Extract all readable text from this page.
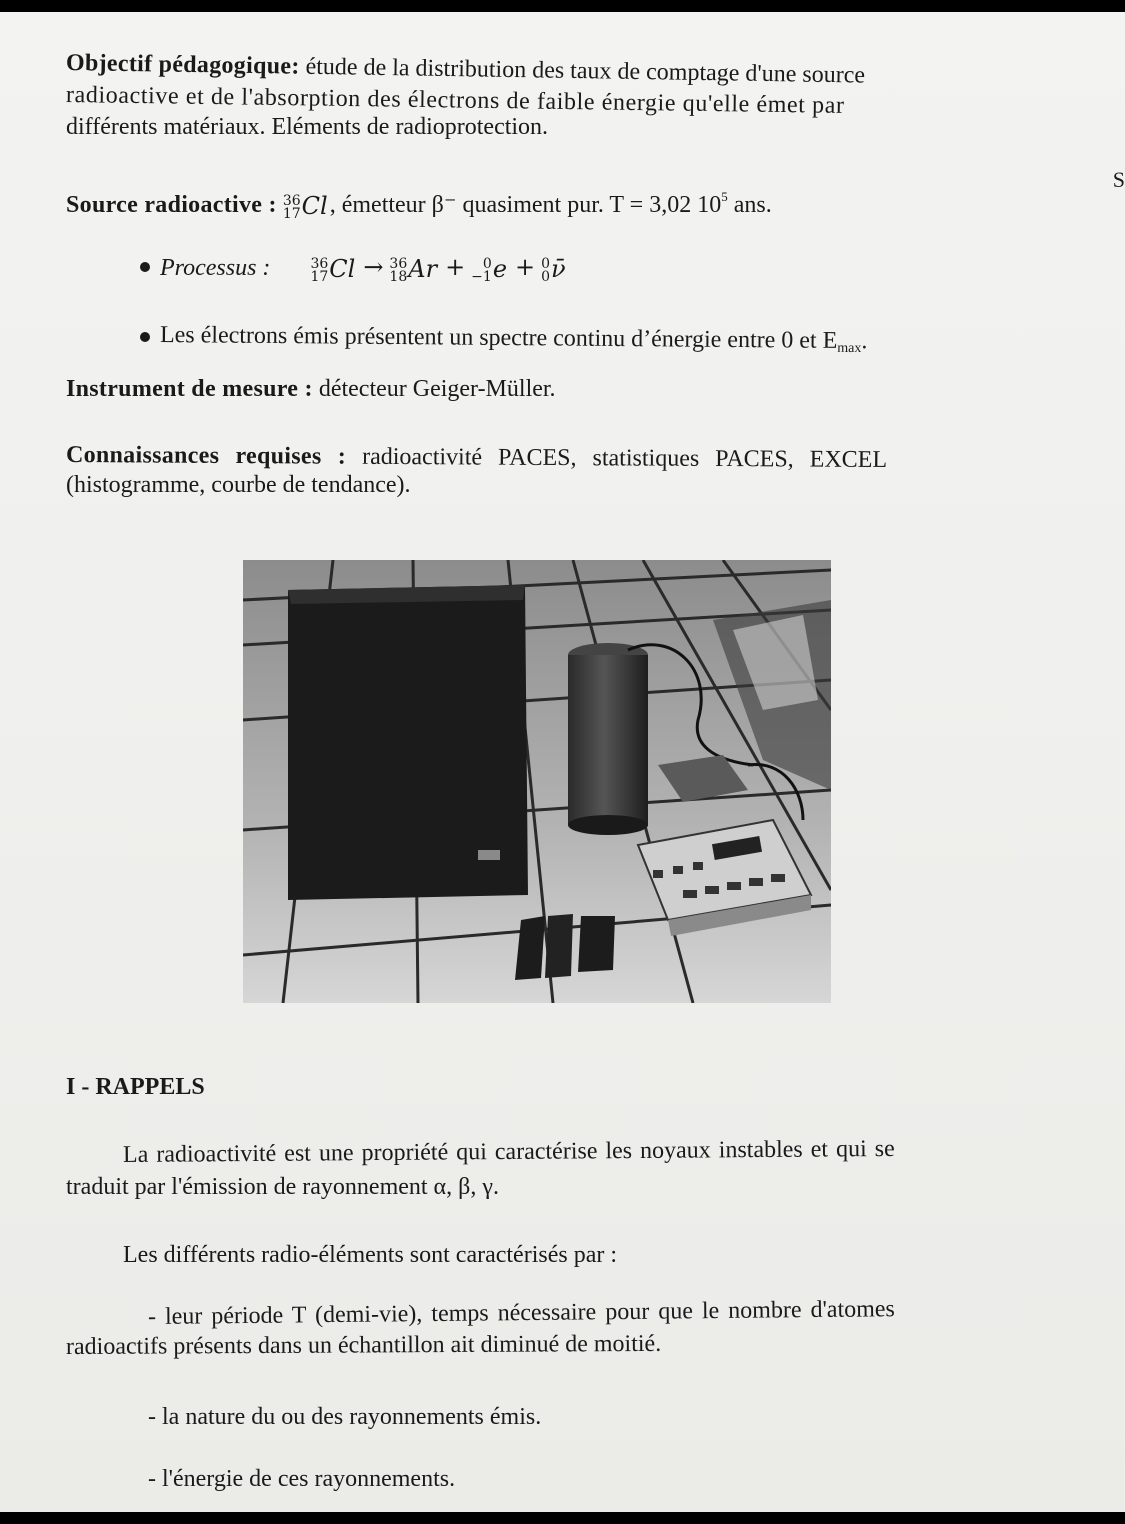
Objectif pédagogique: étude de la distribution des taux de comptage d'une source
radioactive et de l'absorption des électrons de faible énergie qu'elle émet par
différents matériaux. Eléments de radioprotection.
Source radioactive : 36
17 Cl, émetteur β⁻ quasiment pur. T = 3,02 $10^5$ ans.
Processus :	36
17 Cl → 36
18 Ar +	0
−1 e + 0
0 ν̄
Les électrons émis présentent un spectre continu d’énergie entre 0 et $E_{max}$.
Instrument de mesure : détecteur Geiger-Müller.
Connaissances requises : radioactivité PACES, statistiques PACES, EXCEL
(histogramme, courbe de tendance).
I - RAPPELS
La radioactivité est une propriété qui caractérise les noyaux instables et qui se
traduit par l'émission de rayonnement α, β, γ.
Les différents radio-éléments sont caractérisés par :
- leur période T (demi-vie), temps nécessaire pour que le nombre d'atomes
radioactifs présents dans un échantillon ait diminué de moitié.
- la nature du ou des rayonnements émis.
- l'énergie de ces rayonnements.
S
